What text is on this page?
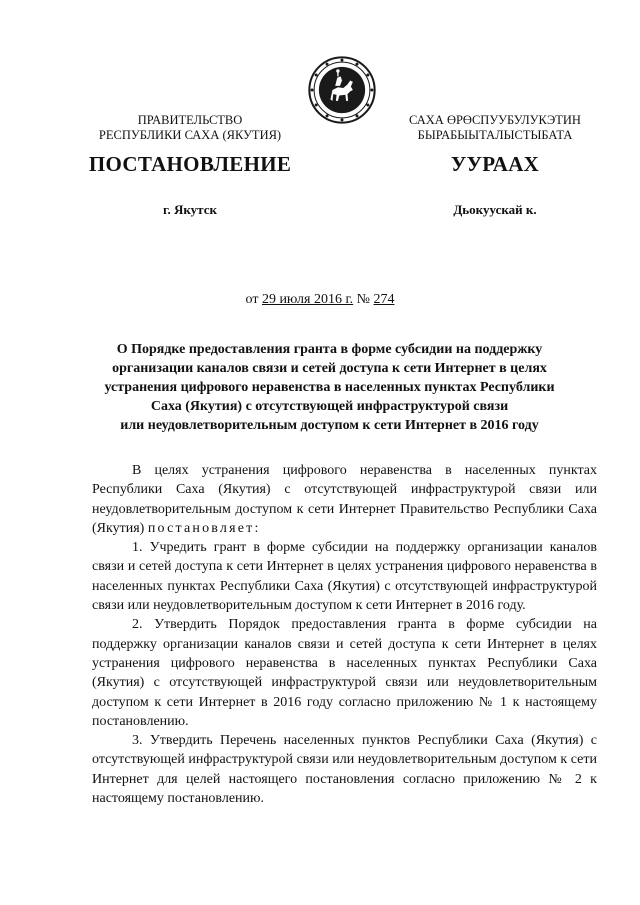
ПРАВИТЕЛЬСТВО
РЕСПУБЛИКИ САХА (ЯКУТИЯ)
САХА ӨРӨСПУУБУЛУКЭТИН
БЫРАБЫЫТАЛЫСТЫБАТА
ПОСТАНОВЛЕНИЕ	УУРААХ
г. Якутск	Дьокуускай к.
от 29 июля 2016 г. № 274
О Порядке предоставления гранта в форме субсидии на поддержку
организации каналов связи и сетей доступа к сети Интернет в целях
устранения цифрового неравенства в населенных пунктах Республики
Саха (Якутия) с отсутствующей инфраструктурой связи
или неудовлетворительным доступом к сети Интернет в 2016 году

В целях устранения цифрового неравенства в населенных пунктах Республики Саха (Якутия) с отсутствующей инфраструктурой связи или неудовлетворительным доступом к сети Интернет Правительство Республики Саха (Якутия) постановляет:

1. Учредить грант в форме субсидии на поддержку организации каналов связи и сетей доступа к сети Интернет в целях устранения цифрового неравенства в населенных пунктах Республики Саха (Якутия) с отсутствующей инфраструктурой связи или неудовлетворительным доступом к сети Интернет в 2016 году.

2. Утвердить Порядок предоставления гранта в форме субсидии на поддержку организации каналов связи и сетей доступа к сети Интернет в целях устранения цифрового неравенства в населенных пунктах Республики Саха (Якутия) с отсутствующей инфраструктурой связи или неудовлетворительным доступом к сети Интернет в 2016 году согласно приложению № 1 к настоящему постановлению.

3. Утвердить Перечень населенных пунктов Республики Саха (Якутия) с отсутствующей инфраструктурой связи или неудовлетворительным доступом к сети Интернет для целей настоящего постановления согласно приложению № 2 к настоящему постановлению.
